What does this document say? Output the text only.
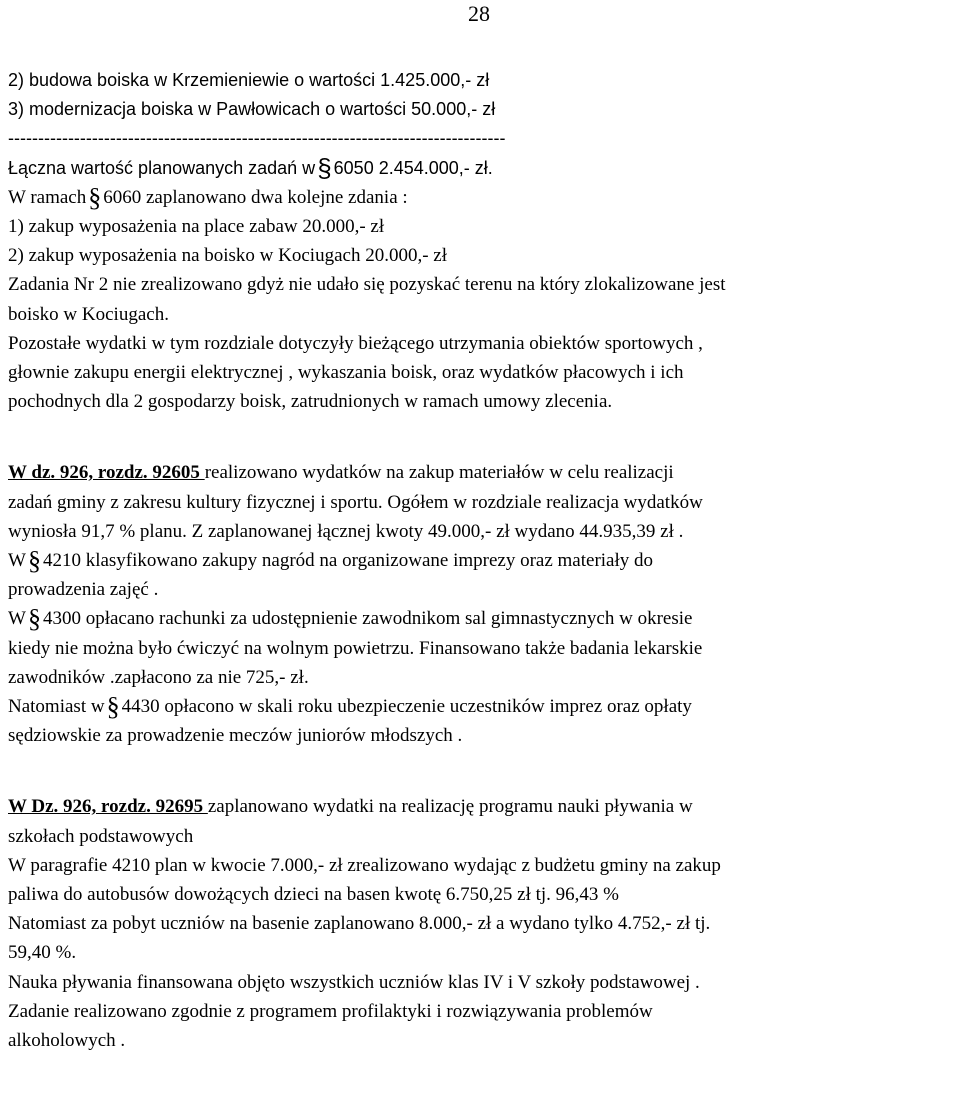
28
2) budowa boiska w Krzemieniewie o wartości 1.425.000,- zł
3) modernizacja boiska w Pawłowicach o wartości 50.000,- zł
-----------------------------------------------------------------------------------
Łączna wartość planowanych zadań w§ 6050 2.454.000,- zł.
W ramach§ 6060 zaplanowano dwa kolejne zdania :
1) zakup wyposażenia na place zabaw 20.000,- zł
2) zakup wyposażenia na boisko w Kociugach 20.000,- zł
Zadania Nr 2 nie zrealizowano gdyż nie udało się pozyskać terenu na który zlokalizowane jest
boisko w Kociugach.
Pozostałe wydatki w tym rozdziale dotyczyły bieżącego utrzymania obiektów sportowych ,
głownie zakupu energii elektrycznej , wykaszania boisk, oraz wydatków płacowych i ich
pochodnych dla 2 gospodarzy boisk, zatrudnionych w ramach umowy zlecenia.
W dz. 926, rozdz. 92605 realizowano wydatków na zakup materiałów w celu realizacji
zadań gminy z zakresu kultury fizycznej i sportu. Ogółem w rozdziale realizacja wydatków
wyniosła 91,7 % planu. Z zaplanowanej łącznej kwoty 49.000,- zł wydano 44.935,39 zł .
W§ 4210 klasyfikowano zakupy nagród na organizowane imprezy oraz materiały do
prowadzenia zajęć .
W§ 4300 opłacano rachunki za udostępnienie zawodnikom sal gimnastycznych w okresie
kiedy nie można było ćwiczyć na wolnym powietrzu. Finansowano także badania lekarskie
zawodników .zapłacono za nie 725,- zł.
Natomiast w§ 4430 opłacono w skali roku ubezpieczenie uczestników imprez oraz opłaty
sędziowskie za prowadzenie meczów juniorów młodszych .
W Dz. 926, rozdz. 92695 zaplanowano wydatki na realizację programu nauki pływania w
szkołach podstawowych
W paragrafie 4210 plan w kwocie 7.000,- zł zrealizowano wydając z budżetu gminy na zakup
paliwa do autobusów dowożących dzieci na basen kwotę 6.750,25 zł tj. 96,43 %
Natomiast za pobyt uczniów na basenie zaplanowano 8.000,- zł a wydano tylko 4.752,- zł tj.
59,40 %.
Nauka pływania finansowana objęto wszystkich uczniów klas IV i V szkoły podstawowej .
Zadanie realizowano zgodnie z programem profilaktyki i rozwiązywania problemów
alkoholowych .
